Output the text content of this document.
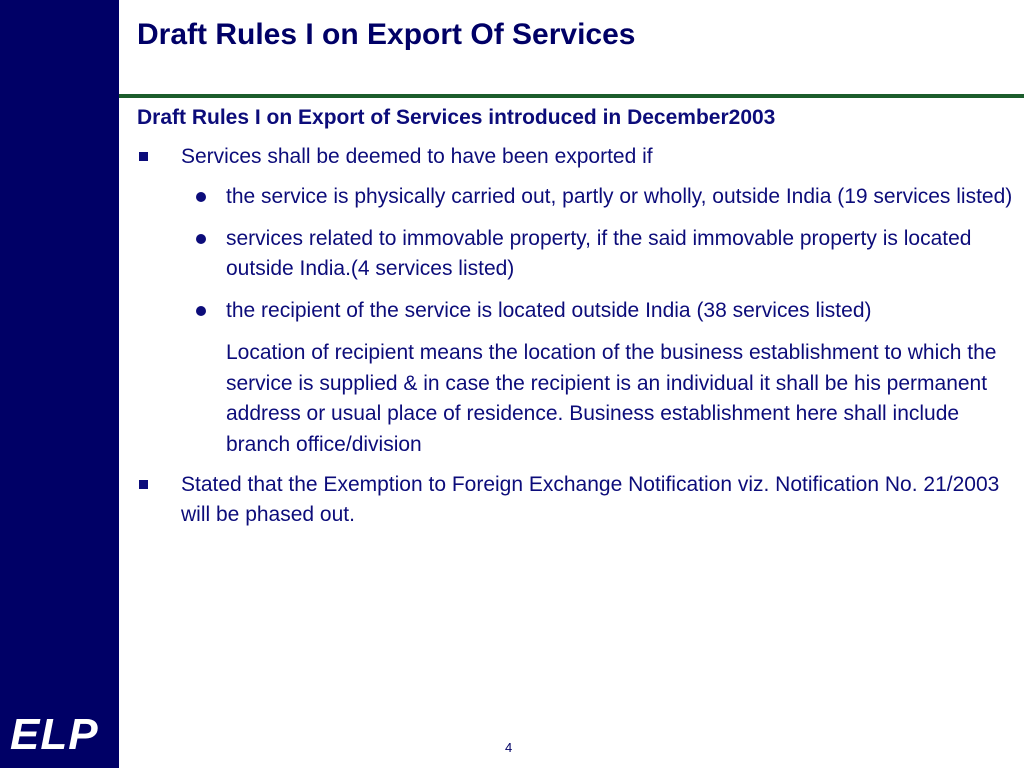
ELP
Draft Rules I on Export Of Services

Draft Rules I on Export of Services introduced in December2003

Services shall be deemed to have been exported if
the service is physically carried out, partly or wholly, outside India (19 services listed)
services related to immovable property, if the said immovable property is located outside India.(4 services listed)
the recipient of the service is located outside India (38 services listed)

Location of recipient means the location of the business establishment to which the service is supplied & in case the recipient is an individual it shall be his permanent address or usual place of residence. Business establishment here shall include branch office/division

Stated that the Exemption to Foreign Exchange Notification viz. Notification No. 21/2003 will be phased out.
4
